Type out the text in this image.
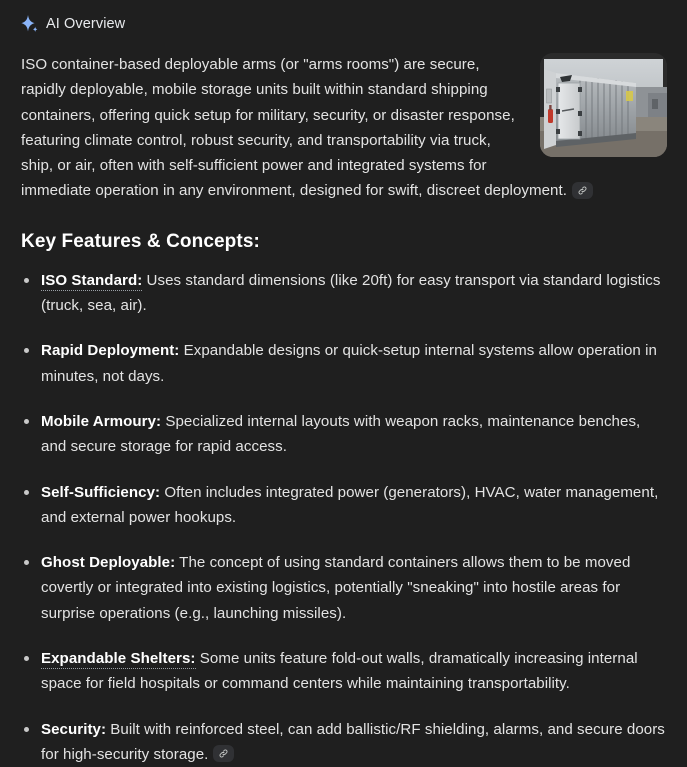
AI Overview
ISO container-based deployable arms (or "arms rooms") are secure, rapidly deployable, mobile storage units built within standard shipping containers, offering quick setup for military, security, or disaster response, featuring climate control, robust security, and transportability via truck, ship, or air, often with self-sufficient power and integrated systems for immediate operation in any environment, designed for swift, discreet deployment.
Key Features & Concepts:
ISO Standard: Uses standard dimensions (like 20ft) for easy transport via standard logistics (truck, sea, air).
Rapid Deployment: Expandable designs or quick-setup internal systems allow operation in minutes, not days.
Mobile Armoury: Specialized internal layouts with weapon racks, maintenance benches, and secure storage for rapid access.
Self-Sufficiency: Often includes integrated power (generators), HVAC, water management, and external power hookups.
Ghost Deployable: The concept of using standard containers allows them to be moved covertly or integrated into existing logistics, potentially "sneaking" into hostile areas for surprise operations (e.g., launching missiles).
Expandable Shelters: Some units feature fold-out walls, dramatically increasing internal space for field hospitals or command centers while maintaining transportability.
Security: Built with reinforced steel, can add ballistic/RF shielding, alarms, and secure doors for high-security storage.
